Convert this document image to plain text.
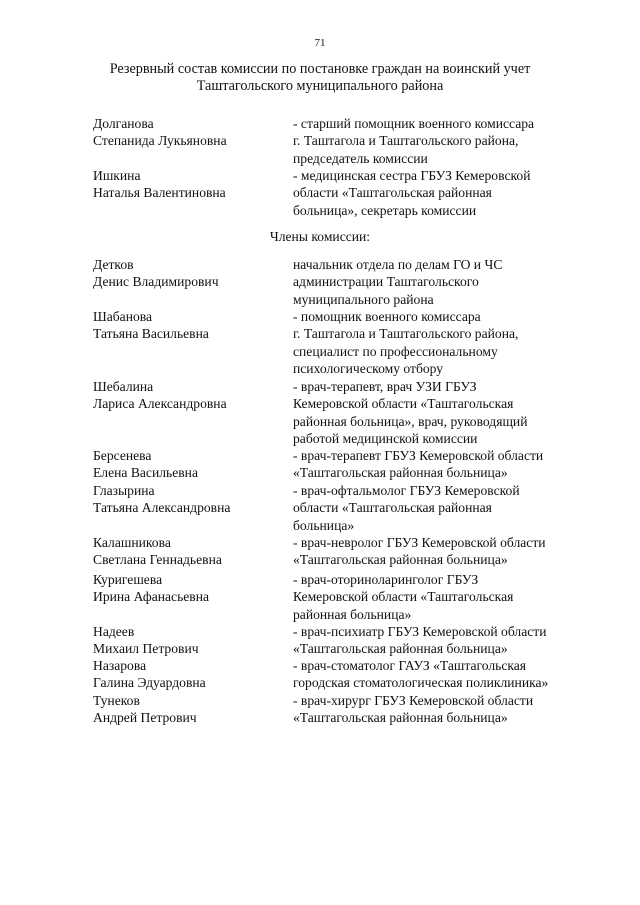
71
Резервный состав комиссии по постановке граждан на воинский учет
Таштагольского муниципального района
Долганова
Степанида Лукьяновна
- старший помощник военного комиссара
г. Таштагола и Таштагольского района,
председатель комиссии
Ишкина
Наталья Валентиновна
- медицинская сестра ГБУЗ Кемеровской
области «Таштагольская районная
больница», секретарь комиссии
Члены комиссии:
Детков
Денис Владимирович
начальник отдела по делам ГО и ЧС
администрации Таштагольского
муниципального района
Шабанова
Татьяна Васильевна
- помощник военного комиссара
г. Таштагола и Таштагольского района,
специалист по профессиональному
психологическому отбору
Шебалина
Лариса Александровна
- врач-терапевт, врач УЗИ ГБУЗ
Кемеровской области «Таштагольская
районная больница», врач, руководящий
работой медицинской комиссии
Берсенева
Елена Васильевна
- врач-терапевт ГБУЗ Кемеровской области
«Таштагольская районная больница»
Глазырина
Татьяна Александровна
- врач-офтальмолог ГБУЗ Кемеровской
области «Таштагольская районная
больница»
Калашникова
Светлана Геннадьевна
- врач-невролог ГБУЗ Кемеровской области
«Таштагольская районная больница»
Куригешева
Ирина Афанасьевна
- врач-оториноларинголог ГБУЗ
Кемеровской области «Таштагольская
районная больница»
Надеев
Михаил Петрович
- врач-психиатр ГБУЗ Кемеровской области
«Таштагольская районная больница»
Назарова
Галина Эдуардовна
- врач-стоматолог ГАУЗ «Таштагольская
городская стоматологическая поликлиника»
Тунеков
Андрей Петрович
- врач-хирург ГБУЗ Кемеровской области
«Таштагольская районная больница»
